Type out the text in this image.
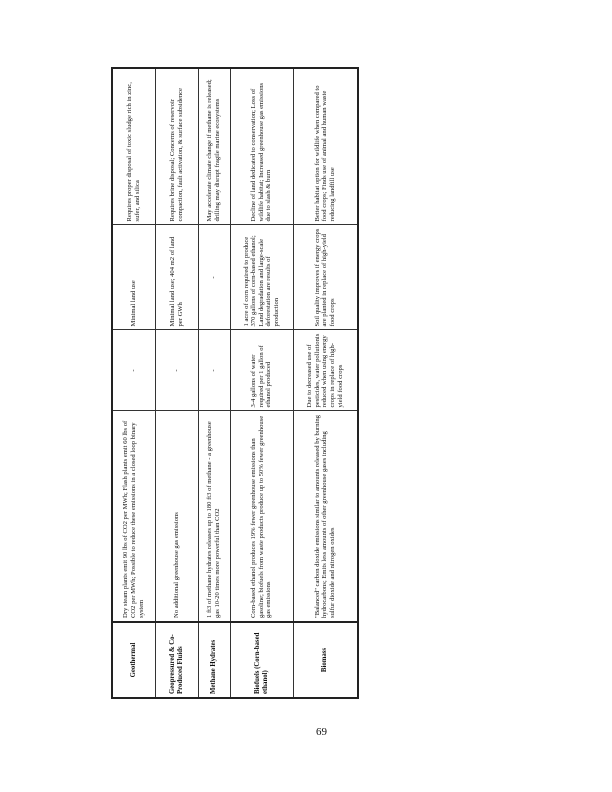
Geothermal	Dry steam plants emit 90 lbs of CO2 per MWh; Flash plants emit 60 lbs of CO2 per MWh; Possible to reduce these emissions in a closed loop binary system	-	Minimal land use	Requires proper disposal of toxic sludge rich in zinc, sufer, and silica
Geopressured & Co-Produced Fluids	No additional greenhouse gas emissions	-	Minimal land use; 404 m2 of land per GWh	Requires brine disposal; Concerns of reservoir compaction, fault activation, & surface subsidence
Methane Hydrates	1 ft3 of methane hydrates releases up to 180 ft3 of methane - a greenhouse gas 10-20 times more powerful than CO2	-	-	May accelerate climate change if methane is released; drilling may disrupt fragile marine ecosystems
Biofuels (Corn-based ethanol)	Corn-based ethanol produces 19% fewer greenhouse emissions than gasoline; biofuels from waste products produce up to 50% fewer greenhouse gas emissions	3-4 gallons of water required per 1 gallon of ethanol produced	1 acre of corn required to produce 370 gallons of corn-based ethanol; Land degradation and large-scale deforestation are results of production	Decline of land dedicated to conservation; Loss of wildlife habitat; Increased greenhouse gas emissions due to slash & burn
Biomass	"Balanced" carbon dioxide emissions similar to amounts released by burning hydrocarbons; Emits less amounts of other greenhouse gases including sulfur dioxide and nitrogen oxides	Due to decreased use of pesticides, water pollutionis reduced when using energy crops in replace of high-yield food crops	Soil quality improves if energy crops are planted in replace of high-yield food crops	Better habitat option for wildlife when compared to food crops; Finds use of animal and human waste reducing landfill use
69
